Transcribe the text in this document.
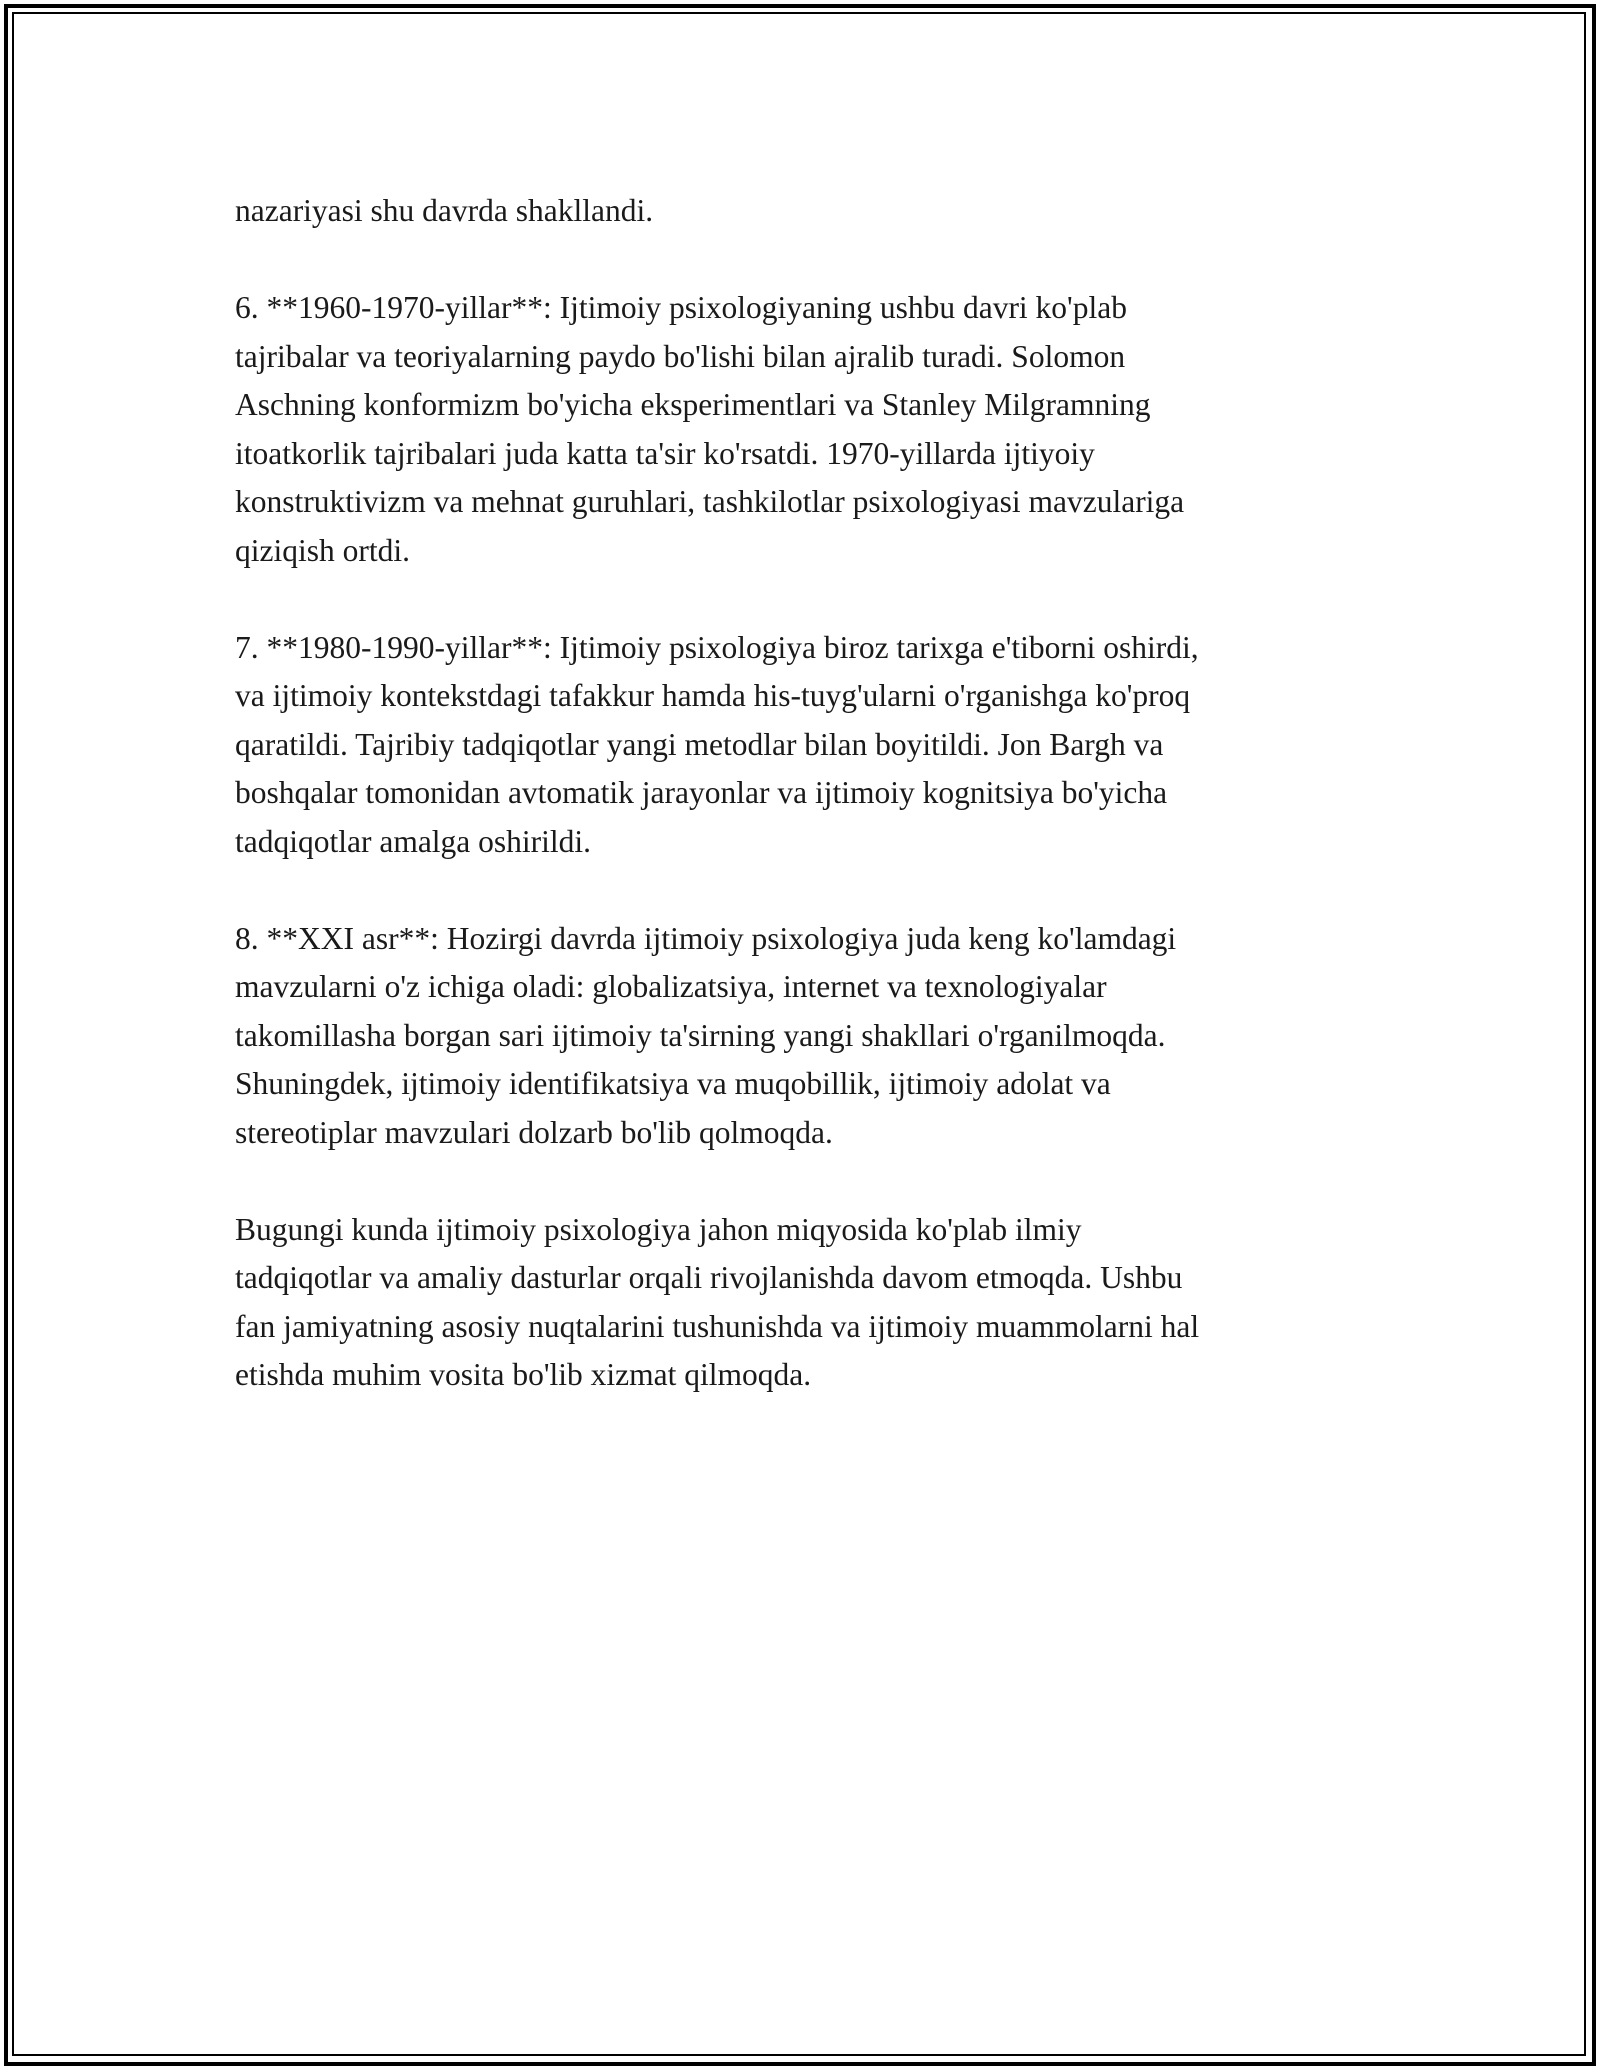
nazariyasi shu davrda shakllandi.

6. **1960-1970-yillar**: Ijtimoiy psixologiyaning ushbu davri ko'plab
tajribalar va teoriyalarning paydo bo'lishi bilan ajralib turadi. Solomon
Aschning konformizm bo'yicha eksperimentlari va Stanley Milgramning
itoatkorlik tajribalari juda katta ta'sir ko'rsatdi. 1970-yillarda ijtiyoiy
konstruktivizm va mehnat guruhlari, tashkilotlar psixologiyasi mavzulariga
qiziqish ortdi.

7. **1980-1990-yillar**: Ijtimoiy psixologiya biroz tarixga e'tiborni oshirdi,
va ijtimoiy kontekstdagi tafakkur hamda his-tuyg'ularni o'rganishga ko'proq
qaratildi. Tajribiy tadqiqotlar yangi metodlar bilan boyitildi. Jon Bargh va
boshqalar tomonidan avtomatik jarayonlar va ijtimoiy kognitsiya bo'yicha
tadqiqotlar amalga oshirildi.

8. **XXI asr**: Hozirgi davrda ijtimoiy psixologiya juda keng ko'lamdagi
mavzularni o'z ichiga oladi: globalizatsiya, internet va texnologiyalar
takomillasha borgan sari ijtimoiy ta'sirning yangi shakllari o'rganilmoqda.
Shuningdek, ijtimoiy identifikatsiya va muqobillik, ijtimoiy adolat va
stereotiplar mavzulari dolzarb bo'lib qolmoqda.

Bugungi kunda ijtimoiy psixologiya jahon miqyosida ko'plab ilmiy
tadqiqotlar va amaliy dasturlar orqali rivojlanishda davom etmoqda. Ushbu
fan jamiyatning asosiy nuqtalarini tushunishda va ijtimoiy muammolarni hal
etishda muhim vosita bo'lib xizmat qilmoqda.
